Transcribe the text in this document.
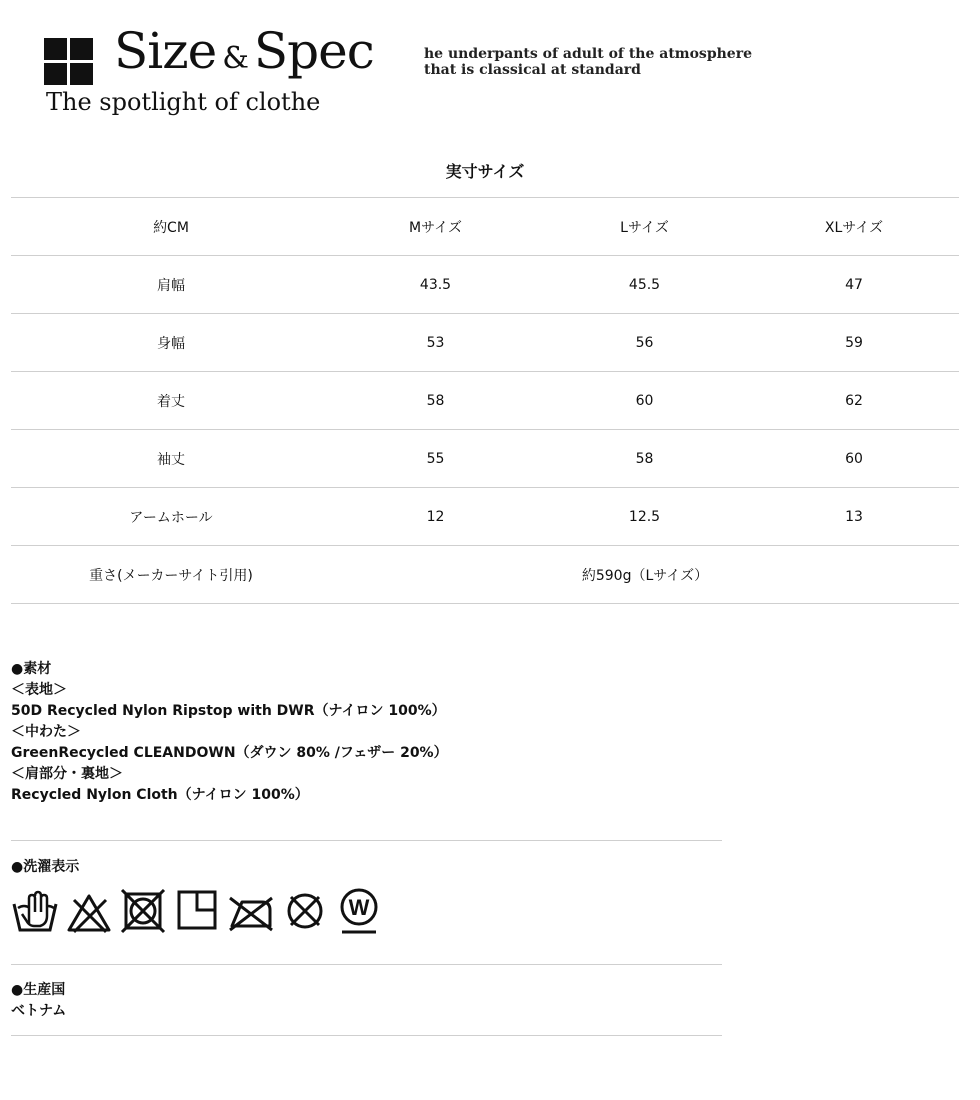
Size & Spec
The spotlight of clothe
he underpants of adult of the atmosphere
that is classical at standard
実寸サイズ
約CM	Mサイズ	Lサイズ	XLサイズ
肩幅	43.5	45.5	47
身幅	53	56	59
着丈	58	60	62
袖丈	55	58	60
アームホール	12	12.5	13
重さ(メーカーサイト引用)	約590g（Lサイズ）		
●素材
＜表地＞
50D Recycled Nylon Ripstop with DWR（ナイロン 100%）
＜中わた＞
GreenRecycled CLEANDOWN（ダウン 80% /フェザー 20%）
＜肩部分・裏地＞
Recycled Nylon Cloth（ナイロン 100%）
●洗濯表示
W
●生産国
ベトナム
